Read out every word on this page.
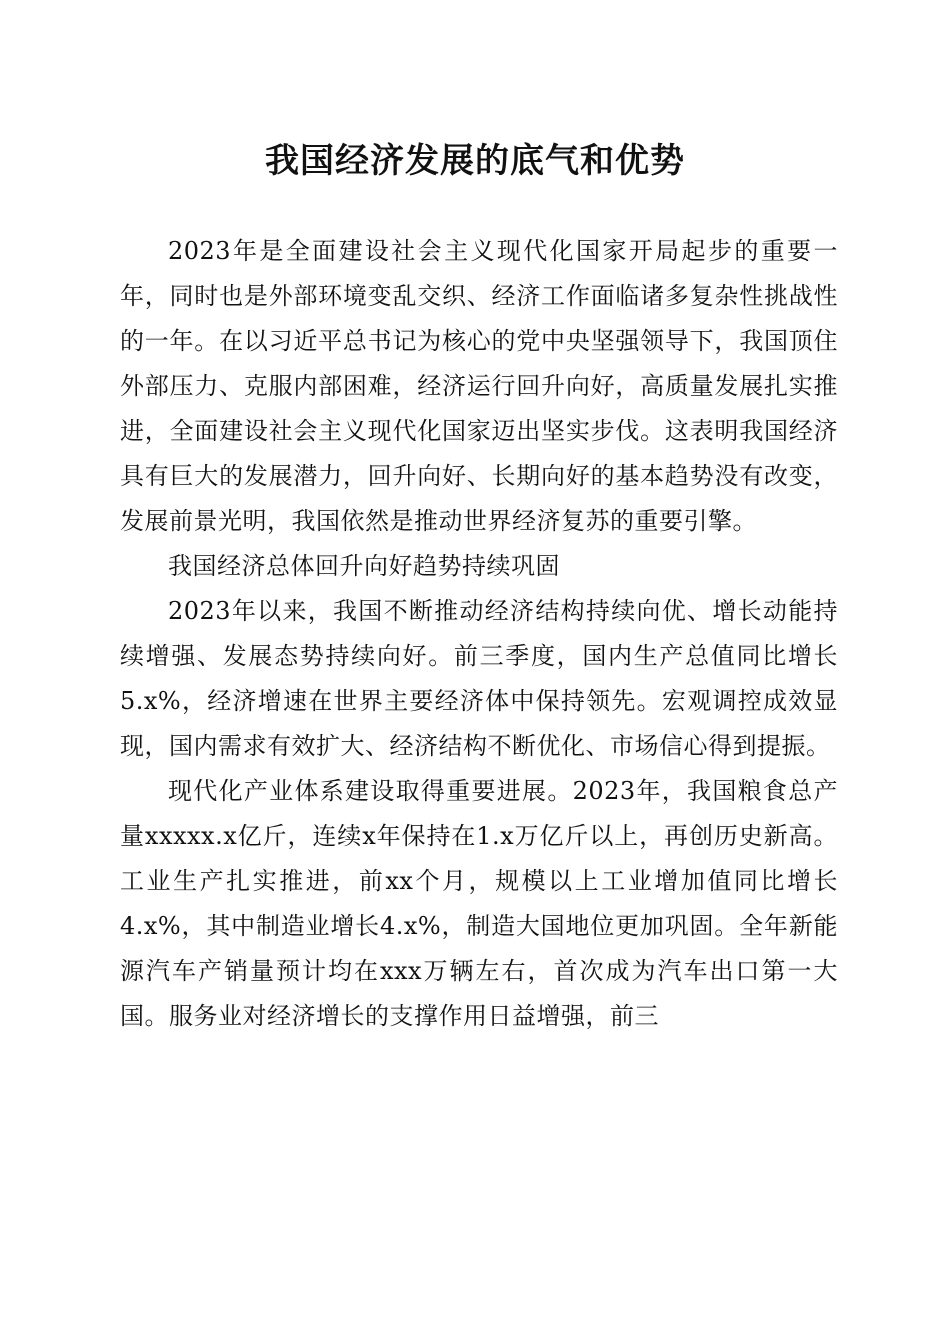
我国经济发展的底气和优势

2023年是全面建设社会主义现代化国家开局起步的重要一年，同时也是外部环境变乱交织、经济工作面临诸多复杂性挑战性的一年。在以习近平总书记为核心的党中央坚强领导下，我国顶住外部压力、克服内部困难，经济运行回升向好，高质量发展扎实推进，全面建设社会主义现代化国家迈出坚实步伐。这表明我国经济具有巨大的发展潜力，回升向好、长期向好的基本趋势没有改变，发展前景光明，我国依然是推动世界经济复苏的重要引擎。

我国经济总体回升向好趋势持续巩固

2023年以来，我国不断推动经济结构持续向优、增长动能持续增强、发展态势持续向好。前三季度，国内生产总值同比增长5.x%，经济增速在世界主要经济体中保持领先。宏观调控成效显现，国内需求有效扩大、经济结构不断优化、市场信心得到提振。

现代化产业体系建设取得重要进展。2023年，我国粮食总产量xxxxx.x亿斤，连续x年保持在1.x万亿斤以上，再创历史新高。工业生产扎实推进，前xx个月，规模以上工业增加值同比增长4.x%，其中制造业增长4.x%，制造大国地位更加巩固。全年新能源汽车产销量预计均在xxx万辆左右，首次成为汽车出口第一大国。服务业对经济增长的支撑作用日益增强，前三
